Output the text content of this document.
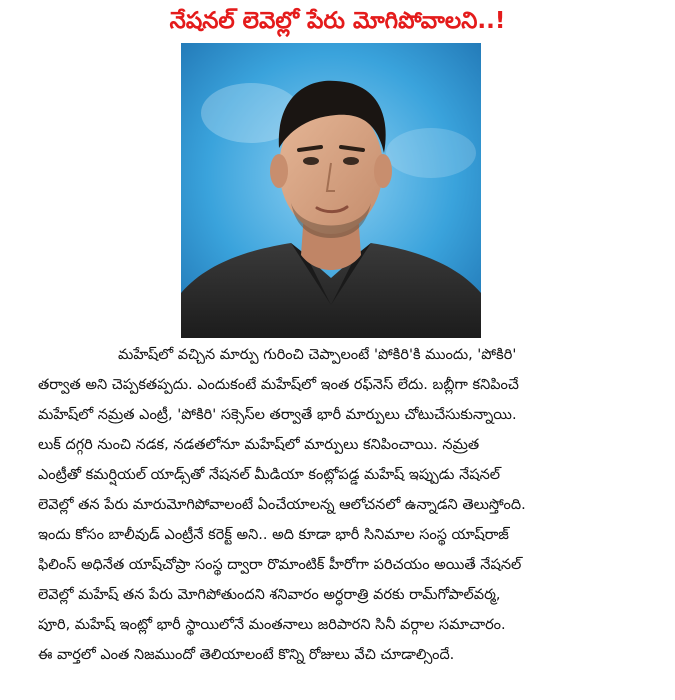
నేషనల్ లెవెల్లో పేరు మోగిపోవాలని..!
మహేష్‌లో వచ్చిన మార్పు గురించి చెప్పాలంటే 'పోకిరి'కి ముందు, 'పోకిరి'
తర్వాత అని చెప్పకతప్పదు. ఎందుకంటే మహేష్‌లో ఇంత రఫ్‌నెస్ లేదు. బబ్లీగా కనిపించే
మహేష్‌లో నమ్రత ఎంట్రీ, 'పోకిరి' సక్సెస్‌ల తర్వాతే భారీ మార్పులు చోటుచేసుకున్నాయి.
లుక్ దగ్గరి నుంచి నడక, నడతలోనూ మహేష్‌లో మార్పులు కనిపించాయి. నమ్రత
ఎంట్రీతో కమర్షియల్ యాడ్స్‌తో నేషనల్ మీడియా కంట్లోపడ్డ మహేష్ ఇప్పుడు నేషనల్
లెవెల్లో తన పేరు మారుమోగిపోవాలంటే ఏంచేయాలన్న ఆలోచనలో ఉన్నాడని తెలుస్తోంది.
ఇందు కోసం బాలీవుడ్ ఎంట్రీనే కరెక్ట్ అని.. అది కూడా భారీ సినిమాల సంస్థ యాష్‌రాజ్
ఫిలింస్ అధినేత యాష్‌చోప్రా సంస్థ ద్వారా రొమాంటిక్ హీరోగా పరిచయం అయితే నేషనల్
లెవెల్లో మహేష్ తన పేరు మోగిపోతుందని శనివారం అర్ధరాత్రి వరకు రామ్‌గోపాల్‌వర్మ,
పూరి, మహేష్ ఇంట్లో భారీ స్థాయిలోనే మంతనాలు జరిపారని సినీ వర్గాల సమాచారం.
ఈ వార్తలో ఎంత నిజముందో తెలియాలంటే కొన్ని రోజులు వేచి చూడాల్సిందే.
